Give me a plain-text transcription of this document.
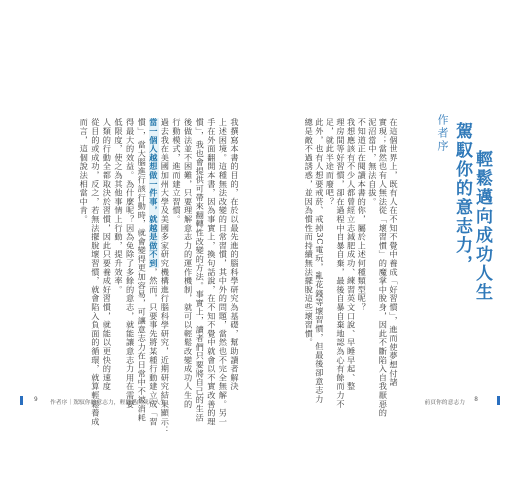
作者序 駕馭你的意志力， 輕鬆邁向成功人生
在這個世界上，既有人在不知不覺中養成「好習慣」，進而使夢想付諸
實現；當然也有人無法從「壞習慣」的魔掌中脫身，因此不斷陷入自我厭惡的
泥沼當中，無法自拔。
不知道正在閱讀本書的你，屬於上述何種類型呢？
我想應該有不少人都曾經立志減肥成功、練習英文口說、早睡早起、整
理房間等好習慣，卻在過程中自暴自棄，最後自暴自棄地認為心有餘而力不
足，就此半途而廢吧？
此外，也有人想要戒菸、戒掉3C電玩，亂花錢等壞習慣，但最後卻意志力
總是敵不過誘惑，並因為慣性而持續無法擺脫這些壞習慣。
我撰寫本書的目的，在於以最先進的腦科學研究為基礎，幫助讀者解決
上述困境。這種無法改變的日常習慣，其中外的問題，當然也不完全無解。另一
手在外面翻開本書，因為事實上，換句話說，在不知不覺中就會以不實改善的理
慣」，我也會提供可帶來翻轉性改變的方法。事實上，讀者們只要將自己的生活
後做法並不困難，只要理解意志力的運作機制，就可以輕鬆改變成功人生的
行動模式，進而建立習慣。
過去我在美國加州大學及美國多家研究機構進行腦科學研究，近期研究結果顯示：
當一個人越想做一件事，就越是做不到，然而，只要事先將某種行動建立成「習
慣」，當大腦進行該行動時，就會變得更加容易，可讓意志力在日常中不被消耗
得最大的效益。為什麼呢？因為免除了多餘的意志，就能讓意志力用在需要
低限度，使之為其他事情上行動，提升效率。
人類的行動全都取決於習慣，因此只要養成好習慣，就能以更快的速度
從目的或成功，反之，若無法擺脫壞習慣，就會陷入負面的循環，就算輕鬆養成
而言，這個說法相當中肯。
9 作者序｜駕馭你的意志力，輕鬆邁向成功人生	前頁你的意志力 8
